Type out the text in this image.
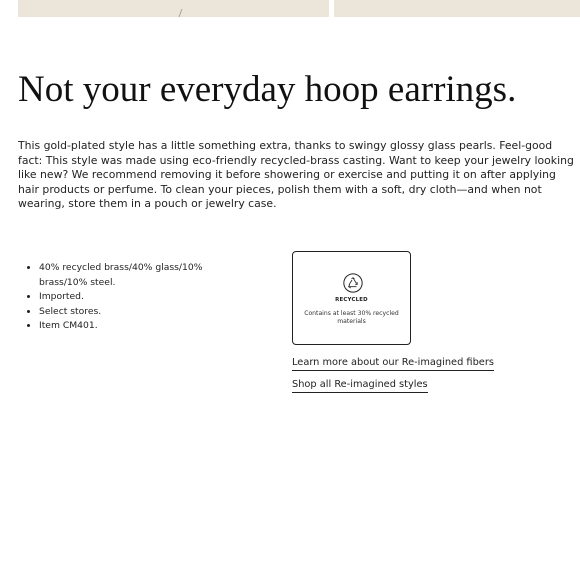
Not your everyday hoop earrings.

This gold-plated style has a little something extra, thanks to swingy glossy glass pearls. Feel-good fact: This style was made using eco-friendly recycled-brass casting. Want to keep your jewelry looking like new? We recommend removing it before showering or exercise and putting it on after applying hair products or perfume. To clean your pieces, polish them with a soft, dry cloth—and when not wearing, store them in a pouch or jewelry case.

• 40% recycled brass/40% glass/10% brass/10% steel.
• Imported.
• Select stores.
• Item CM401.

RECYCLED

Contains at least 30% recycled materials

Learn more about our Re-imagined fibers
Shop all Re-imagined styles
